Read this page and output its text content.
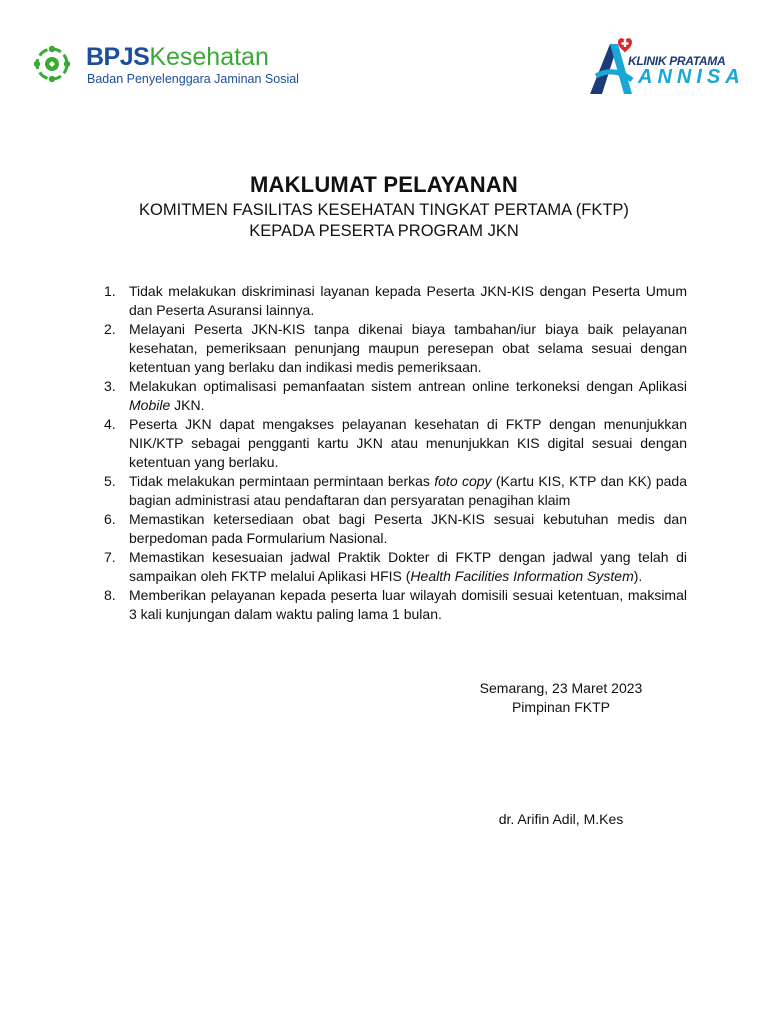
BPJSKesehatan
Badan Penyelenggara Jaminan Sosial
KLINIK PRATAMA
ANNISA
MAKLUMAT PELAYANAN
KOMITMEN FASILITAS KESEHATAN TINGKAT PERTAMA (FKTP)
KEPADA PESERTA PROGRAM JKN
1. Tidak melakukan diskriminasi layanan kepada Peserta JKN-KIS dengan Peserta Umum dan Peserta Asuransi lainnya.
2. Melayani Peserta JKN-KIS tanpa dikenai biaya tambahan/iur biaya baik pelayanan kesehatan, pemeriksaan penunjang maupun peresepan obat selama sesuai dengan ketentuan yang berlaku dan indikasi medis pemeriksaan.
3. Melakukan optimalisasi pemanfaatan sistem antrean online terkoneksi dengan Aplikasi Mobile JKN.
4. Peserta JKN dapat mengakses pelayanan kesehatan di FKTP dengan menunjukkan NIK/KTP sebagai pengganti kartu JKN atau menunjukkan KIS digital sesuai dengan ketentuan yang berlaku.
5. Tidak melakukan permintaan permintaan berkas foto copy (Kartu KIS, KTP dan KK) pada bagian administrasi atau pendaftaran dan persyaratan penagihan klaim
6. Memastikan ketersediaan obat bagi Peserta JKN-KIS sesuai kebutuhan medis dan berpedoman pada Formularium Nasional.
7. Memastikan kesesuaian jadwal Praktik Dokter di FKTP dengan jadwal yang telah di sampaikan oleh FKTP melalui Aplikasi HFIS (Health Facilities Information System).
8. Memberikan pelayanan kepada peserta luar wilayah domisili sesuai ketentuan, maksimal 3 kali kunjungan dalam waktu paling lama 1 bulan.
Semarang, 23 Maret 2023
Pimpinan FKTP
dr. Arifin Adil, M.Kes
